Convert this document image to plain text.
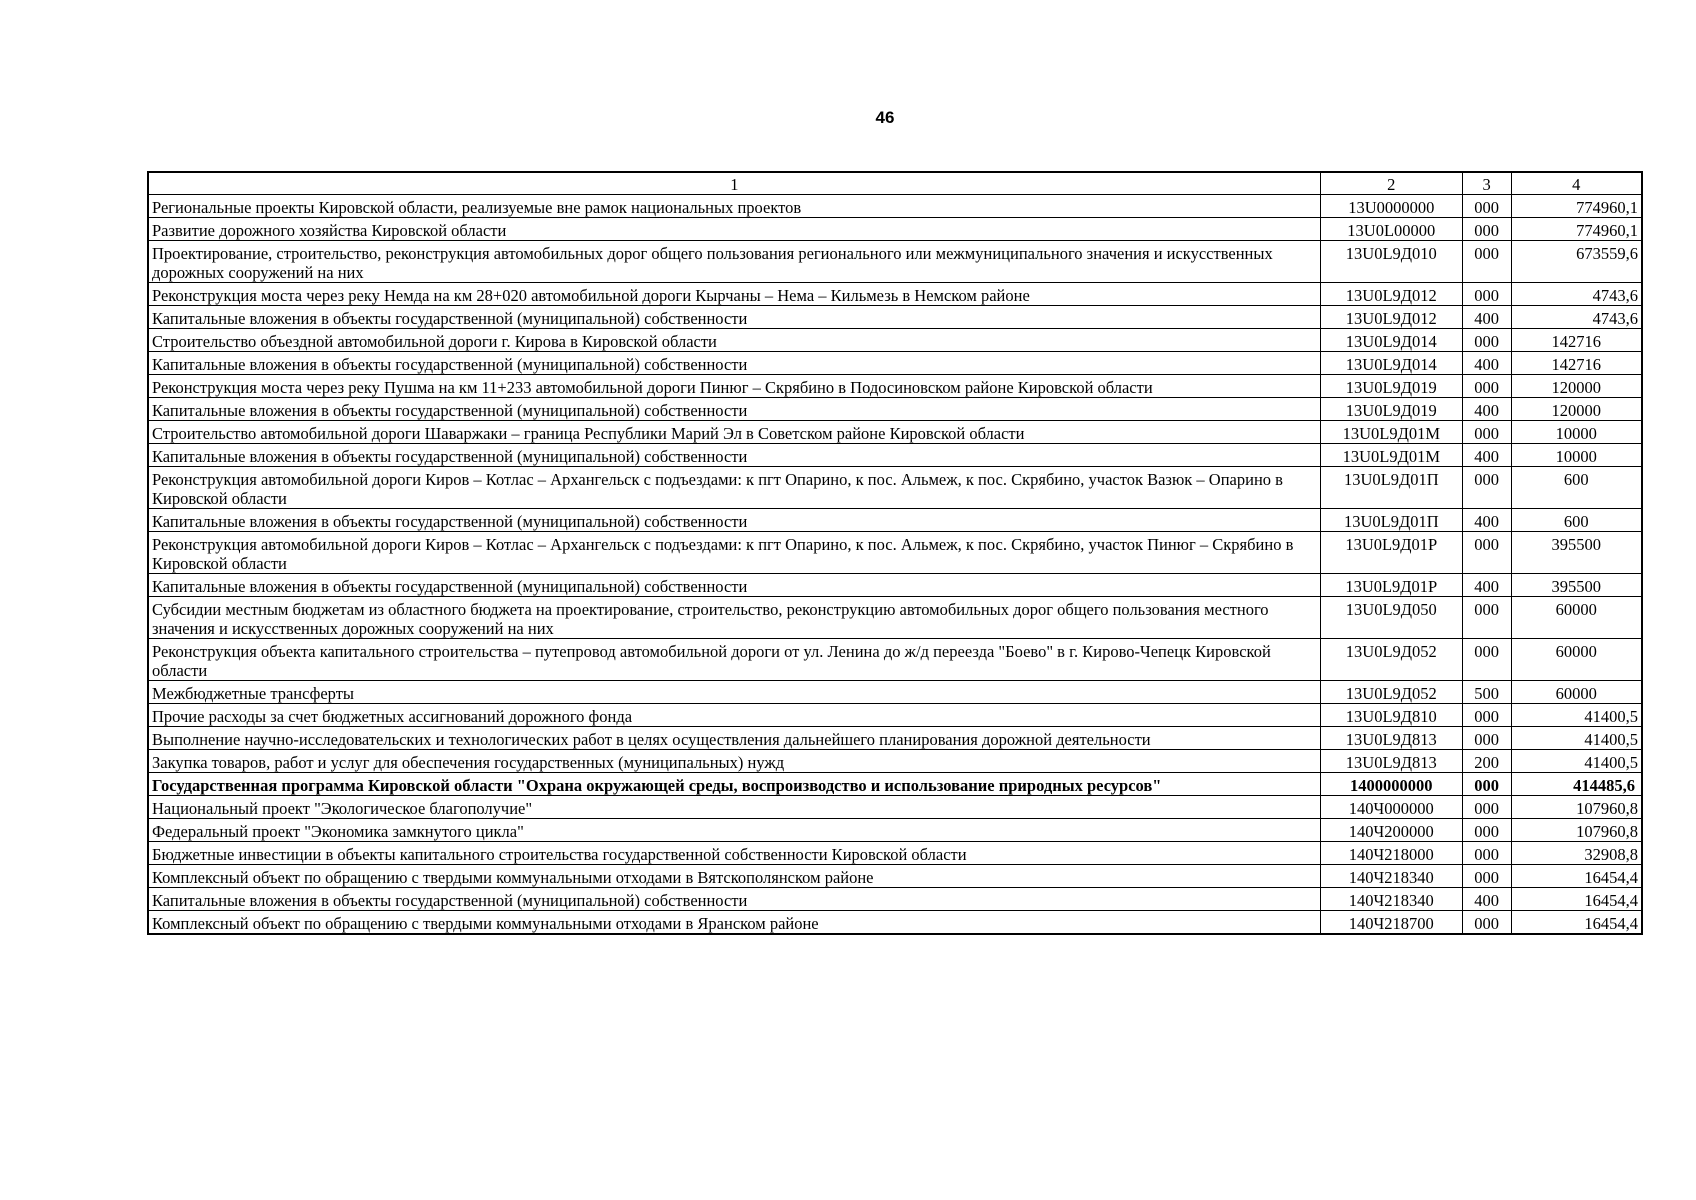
46
1	2	3	4
Региональные проекты Кировской области, реализуемые вне рамок национальных проектов	13U0000000	000	774960,1
Развитие дорожного хозяйства Кировской области	13U0L00000	000	774960,1
Проектирование, строительство, реконструкция автомобильных дорог общего пользования регионального или межмуниципального значения и искусственных дорожных сооружений на них	13U0L9Д010	000	673559,6
Реконструкция моста через реку Немда на км 28+020 автомобильной дороги Кырчаны – Нема – Кильмезь в Немском районе	13U0L9Д012	000	4743,6
Капитальные вложения в объекты государственной (муниципальной) собственности	13U0L9Д012	400	4743,6
Строительство объездной автомобильной дороги г. Кирова в Кировской области	13U0L9Д014	000	142716
Капитальные вложения в объекты государственной (муниципальной) собственности	13U0L9Д014	400	142716
Реконструкция моста через реку Пушма на км 11+233 автомобильной дороги Пинюг – Скрябино в Подосиновском районе Кировской области	13U0L9Д019	000	120000
Капитальные вложения в объекты государственной (муниципальной) собственности	13U0L9Д019	400	120000
Строительство автомобильной дороги Шаваржаки – граница Республики Марий Эл в Советском районе Кировской области	13U0L9Д01М	000	10000
Капитальные вложения в объекты государственной (муниципальной) собственности	13U0L9Д01М	400	10000
Реконструкция автомобильной дороги Киров – Котлас – Архангельск с подъездами: к пгт Опарино, к пос. Альмеж, к пос. Скрябино, участок Вазюк – Опарино в Кировской области	13U0L9Д01П	000	600
Капитальные вложения в объекты государственной (муниципальной) собственности	13U0L9Д01П	400	600
Реконструкция автомобильной дороги Киров – Котлас – Архангельск с подъездами: к пгт Опарино, к пос. Альмеж, к пос. Скрябино, участок Пинюг – Скрябино в Кировской области	13U0L9Д01Р	000	395500
Капитальные вложения в объекты государственной (муниципальной) собственности	13U0L9Д01Р	400	395500
Субсидии местным бюджетам из областного бюджета на проектирование, строительство, реконструкцию автомобильных дорог общего пользования местного значения и искусственных дорожных сооружений на них	13U0L9Д050	000	60000
Реконструкция объекта капитального строительства – путепровод автомобильной дороги от ул. Ленина до ж/д переезда "Боево" в г. Кирово-Чепецк Кировской области	13U0L9Д052	000	60000
Межбюджетные трансферты	13U0L9Д052	500	60000
Прочие расходы за счет бюджетных ассигнований дорожного фонда	13U0L9Д810	000	41400,5
Выполнение научно-исследовательских и технологических работ в целях осуществления дальнейшего планирования дорожной деятельности	13U0L9Д813	000	41400,5
Закупка товаров, работ и услуг для обеспечения государственных (муниципальных) нужд	13U0L9Д813	200	41400,5
Государственная программа Кировской области "Охрана окружающей среды, воспроизводство и использование природных ресурсов"	1400000000	000	414485,6
Национальный проект "Экологическое благополучие"	140Ч000000	000	107960,8
Федеральный проект "Экономика замкнутого цикла"	140Ч200000	000	107960,8
Бюджетные инвестиции в объекты капитального строительства государственной собственности Кировской области	140Ч218000	000	32908,8
Комплексный объект по обращению с твердыми коммунальными отходами в Вятскополянском районе	140Ч218340	000	16454,4
Капитальные вложения в объекты государственной (муниципальной) собственности	140Ч218340	400	16454,4
Комплексный объект по обращению с твердыми коммунальными отходами в Яранском районе	140Ч218700	000	16454,4
